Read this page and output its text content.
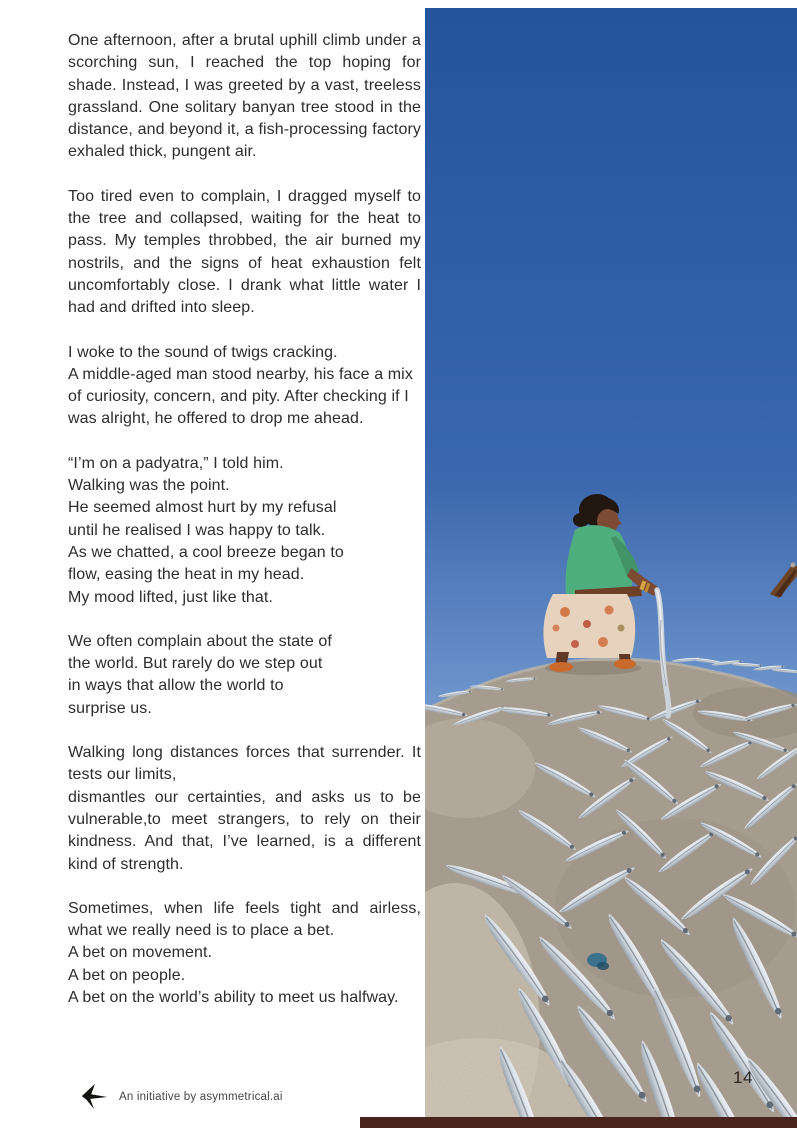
One afternoon, after a brutal uphill climb under a scorching sun, I reached the top hoping for shade. Instead, I was greeted by a vast, treeless grassland. One solitary banyan tree stood in the distance, and beyond it, a fish-processing factory exhaled thick, pungent air.
Too tired even to complain, I dragged myself to the tree and collapsed, waiting for the heat to pass. My temples throbbed, the air burned my nostrils, and the signs of heat exhaustion felt uncomfortably close. I drank what little water I had and drifted into sleep.
I woke to the sound of twigs cracking.
A middle-aged man stood nearby, his face a mix of curiosity, concern, and pity. After checking if I was alright, he offered to drop me ahead.
“I’m on a padyatra,” I told him.
Walking was the point.
He seemed almost hurt by my refusal
until he realised I was happy to talk.
As we chatted, a cool breeze began to
flow, easing the heat in my head.
My mood lifted, just like that.
We often complain about the state of
the world. But rarely do we step out
in ways that allow the world to
surprise us.
Walking long distances forces that surrender. It tests our limits,
dismantles our certainties, and asks us to be vulnerable,to meet strangers, to rely on their kindness. And that, I’ve learned, is a different kind of strength.
Sometimes, when life feels tight and airless, what we really need is to place a bet.
A bet on movement.
A bet on people.
A bet on the world’s ability to meet us halfway.
14
An initiative by asymmetrical.ai
